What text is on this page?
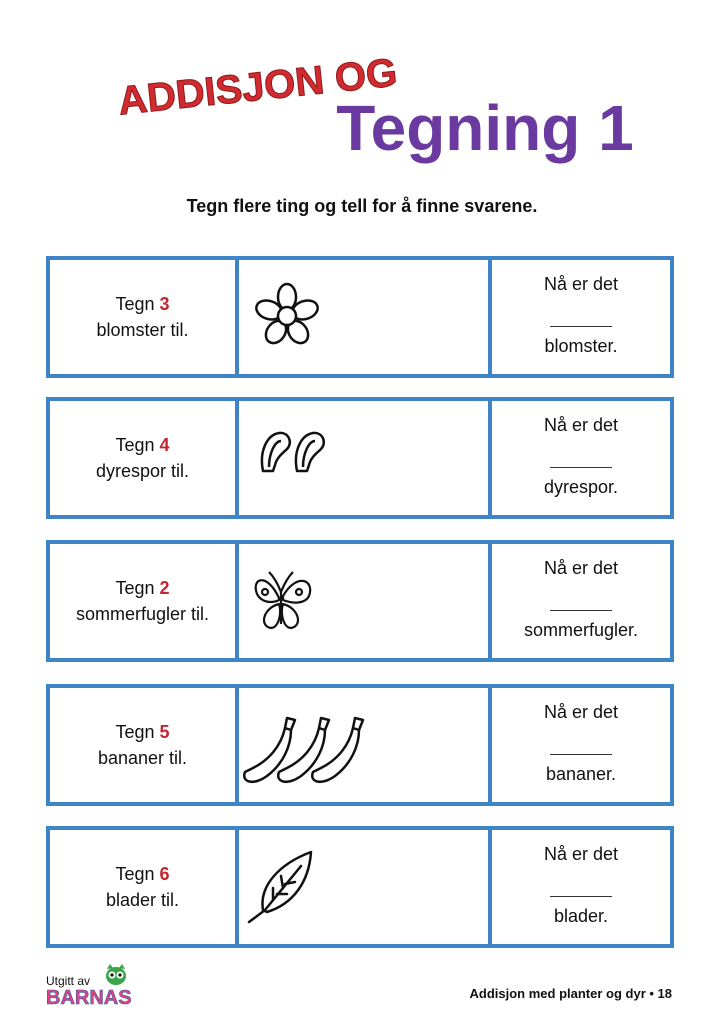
ADDISJON OG
Tegning 1
Tegn flere ting og tell for å finne svarene.
Tegn 3
blomster til.
Nå er det
blomster.
Tegn 4
dyrespor til.
Nå er det
dyrespor.
Tegn 2
sommerfugler til.
Nå er det
sommerfugler.
Tegn 5
bananer til.
Nå er det
bananer.
Tegn 6
blader til.
Nå er det
blader.
Utgitt av
BARNAS	Addisjon med planter og dyr • 18
